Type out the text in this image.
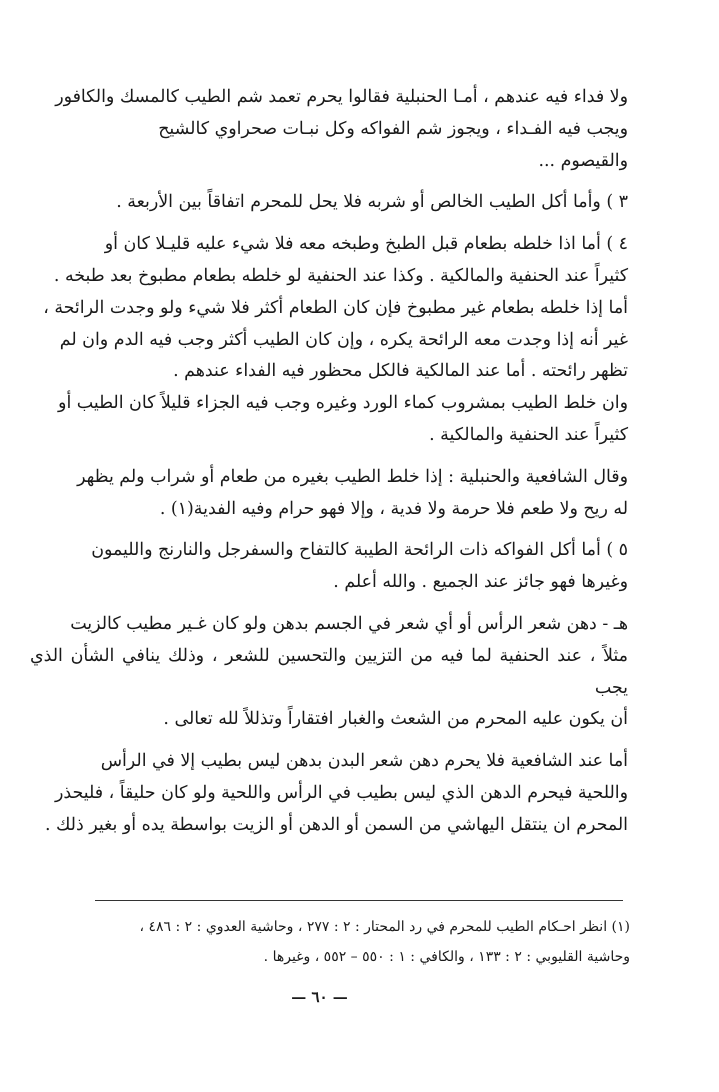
ولا فداء فيه عندهم ، أمـا الحنبلية فقالوا يحرم تعمد شم الطيب كالمسك والكافور
ويجب فيه الفـداء ، ويجوز شم الفواكه وكل نبـات صحراوي كالشيح
والقيصوم ...

٣ ) وأما أكل الطيب الخالص أو شربه فلا يحل للمحرم اتفاقاً بين الأربعة .

٤ ) أما اذا خلطه بطعام قبل الطبخ وطبخه معه فلا شيء عليه قليـلا كان أو
كثيراً عند الحنفية والمالكية . وكذا عند الحنفية لو خلطه بطعام مطبوخ بعد طبخه .
أما إذا خلطه بطعام غير مطبوخ فإن كان الطعام أكثر فلا شيء ولو وجدت الرائحة ،
غير أنه إذا وجدت معه الرائحة يكره ، وإن كان الطيب أكثر وجب فيه الدم وان لم
تظهر رائحته . أما عند المالكية فالكل محظور فيه الفداء عندهم .

وان خلط الطيب بمشروب كماء الورد وغيره وجب فيه الجزاء قليلاً كان الطيب أو
كثيراً عند الحنفية والمالكية .

وقال الشافعية والحنبلية : إذا خلط الطيب بغيره من طعام أو شراب ولم يظهر
له ريح ولا طعم فلا حرمة ولا فدية ، وإلا فهو حرام وفيه الفدية(١) .

٥ ) أما أكل الفواكه ذات الرائحة الطيبة كالتفاح والسفرجل والنارنج والليمون
وغيرها فهو جائز عند الجميع . والله أعلم .

هـ - دهن شعر الرأس أو أي شعر في الجسم بدهن ولو كان غـير مطيب كالزيت
مثلاً ، عند الحنفية لما فيه من التزيين والتحسين للشعر ، وذلك ينافي الشأن الذي يجب
أن يكون عليه المحرم من الشعث والغبار افتقاراً وتذللاً لله تعالى .

أما عند الشافعية فلا يحرم دهن شعر البدن بدهن ليس بطيب إلا في الرأس
واللحية فيحرم الدهن الذي ليس بطيب في الرأس واللحية ولو كان حليقاً ، فليحذر
المحرم ان ينتقل اليهاشي من السمن أو الدهن أو الزيت بواسطة يده أو بغير ذلك .

(١) انظر احـكام الطيب للمحرم في رد المحتار : ٢ : ٢٧٧ ، وحاشية العدوي : ٢ : ٤٨٦ ،

وحاشية القليوبي : ٢ : ١٣٣ ، والكافي : ١ : ٥٥٠ – ٥٥٢ ، وغيرها .

— ٦٠ —
